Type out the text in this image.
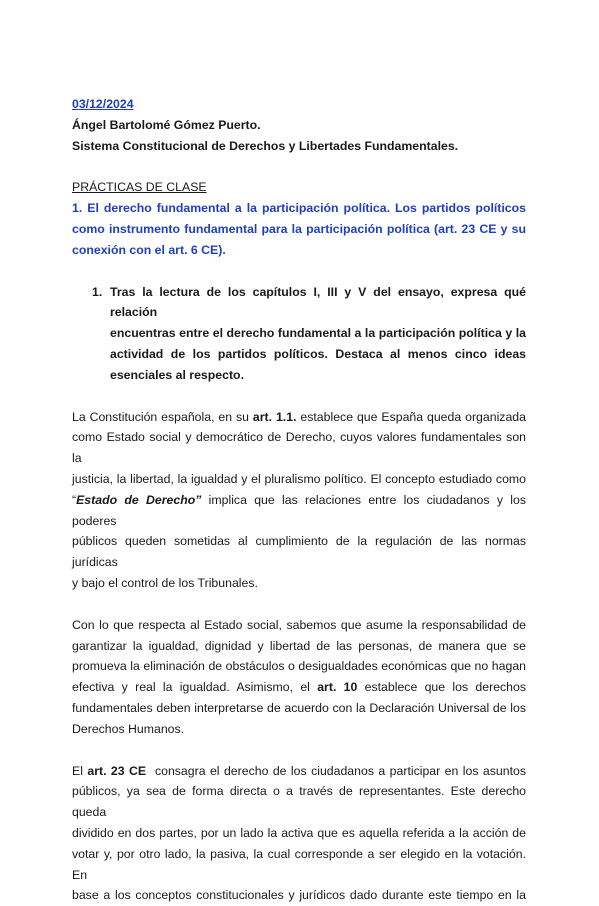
03/12/2024
Ángel Bartolomé Gómez Puerto.
Sistema Constitucional de Derechos y Libertades Fundamentales.
PRÁCTICAS DE CLASE
1. El derecho fundamental a la participación política. Los partidos políticos
como instrumento fundamental para la participación política (art. 23 CE y su
conexión con el art. 6 CE).
1. Tras la lectura de los capítulos I, III y V del ensayo, expresa qué relación
encuentras entre el derecho fundamental a la participación política y la
actividad de los partidos políticos. Destaca al menos cinco ideas
esenciales al respecto.
La Constitución española, en su art. 1.1. establece que España queda organizada
como Estado social y democrático de Derecho, cuyos valores fundamentales son la
justicia, la libertad, la igualdad y el pluralismo político. El concepto estudiado como
“Estado de Derecho” implica que las relaciones entre los ciudadanos y los poderes
públicos queden sometidas al cumplimiento de la regulación de las normas jurídicas
y bajo el control de los Tribunales.
Con lo que respecta al Estado social, sabemos que asume la responsabilidad de
garantizar la igualdad, dignidad y libertad de las personas, de manera que se
promueva la eliminación de obstáculos o desigualdades económicas que no hagan
efectiva y real la igualdad. Asimismo, el art. 10 establece que los derechos
fundamentales deben interpretarse de acuerdo con la Declaración Universal de los
Derechos Humanos.
El art. 23 CE  consagra el derecho de los ciudadanos a participar en los asuntos
públicos, ya sea de forma directa o a través de representantes. Este derecho queda
dividido en dos partes, por un lado la activa que es aquella referida a la acción de
votar y, por otro lado, la pasiva, la cual corresponde a ser elegido en la votación. En
base a los conceptos constitucionales y jurídicos dado durante este tiempo en la
